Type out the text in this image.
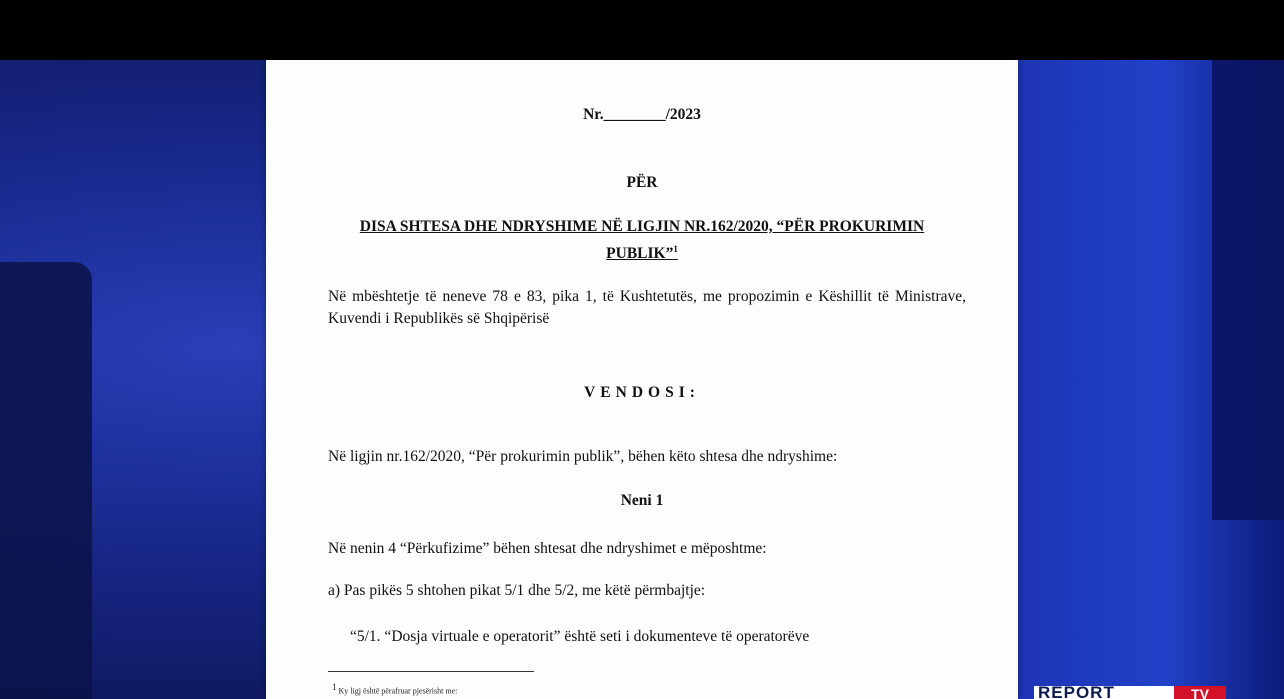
Nr.________/2023

PËR

DISA SHTESA DHE NDRYSHIME NË LIGJIN NR.162/2020, “PËR PROKURIMIN PUBLIK”$^1$

Në mbështetje të neneve 78 e 83, pika 1, të Kushtetutës, me propozimin e Këshillit të Ministrave, Kuvendi i Republikës së Shqipërisë

VENDOSI:

Në ligjin nr.162/2020, “Për prokurimin publik”, bëhen këto shtesa dhe ndryshime:

Neni 1

Në nenin 4 “Përkufizime” bëhen shtesat dhe ndryshimet e mëposhtme:

a) Pas pikës 5 shtohen pikat 5/1 dhe 5/2, me këtë përmbajtje:

“5/1. “Dosja virtuale e operatorit” është seti i dokumenteve të operatorëve

$^1$ Ky ligj është përafruar pjesërisht me:	REPORT	TV
